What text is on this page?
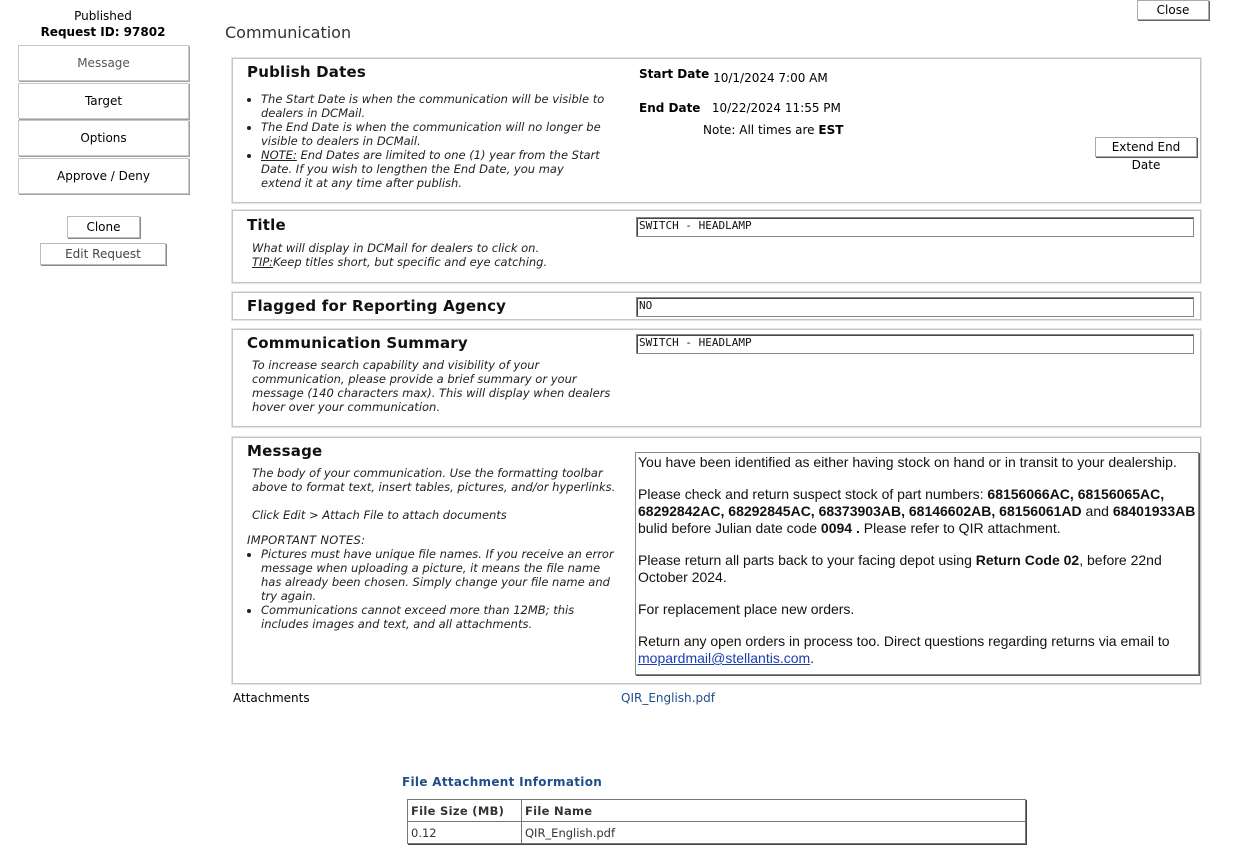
Published
Request ID: 97802
Message
Target
Options
Approve / Deny
Clone
Edit Request
Communication
Close
Publish Dates
• The Start Date is when the communication will be visible to dealers in DCMail.
• The End Date is when the communication will no longer be visible to dealers in DCMail.
• NOTE: End Dates are limited to one (1) year from the Start Date. If you wish to lengthen the End Date, you may extend it at any time after publish.
Start Date 10/1/2024 7:00 AM
End Date 10/22/2024 11:55 PM
Note: All times are EST
Extend End Date
Title
What will display in DCMail for dealers to click on.
TIP:Keep titles short, but specific and eye catching.
SWITCH - HEADLAMP
Flagged for Reporting Agency	NO
Communication Summary
To increase search capability and visibility of your communication, please provide a brief summary or your message (140 characters max). This will display when dealers hover over your communication.
SWITCH - HEADLAMP
Message
The body of your communication. Use the formatting toolbar above to format text, insert tables, pictures, and/or hyperlinks.
Click Edit > Attach File to attach documents
IMPORTANT NOTES:
• Pictures must have unique file names. If you receive an error message when uploading a picture, it means the file name has already been chosen. Simply change your file name and try again.
• Communications cannot exceed more than 12MB; this includes images and text, and all attachments.

You have been identified as either having stock on hand or in transit to your dealership.

Please check and return suspect stock of part numbers: 68156066AC, 68156065AC, 68292842AC, 68292845AC, 68373903AB, 68146602AB, 68156061AD and 68401933AB bulid before Julian date code 0094 . Please refer to QIR attachment.

Please return all parts back to your facing depot using Return Code 02, before 22nd October 2024.

For replacement place new orders.

Return any open orders in process too. Direct questions regarding returns via email to mopardmail@stellantis.com.

Attachments	QIR_English.pdf
File Attachment Information
File Size (MB)	File Name
0.12	QIR_English.pdf
